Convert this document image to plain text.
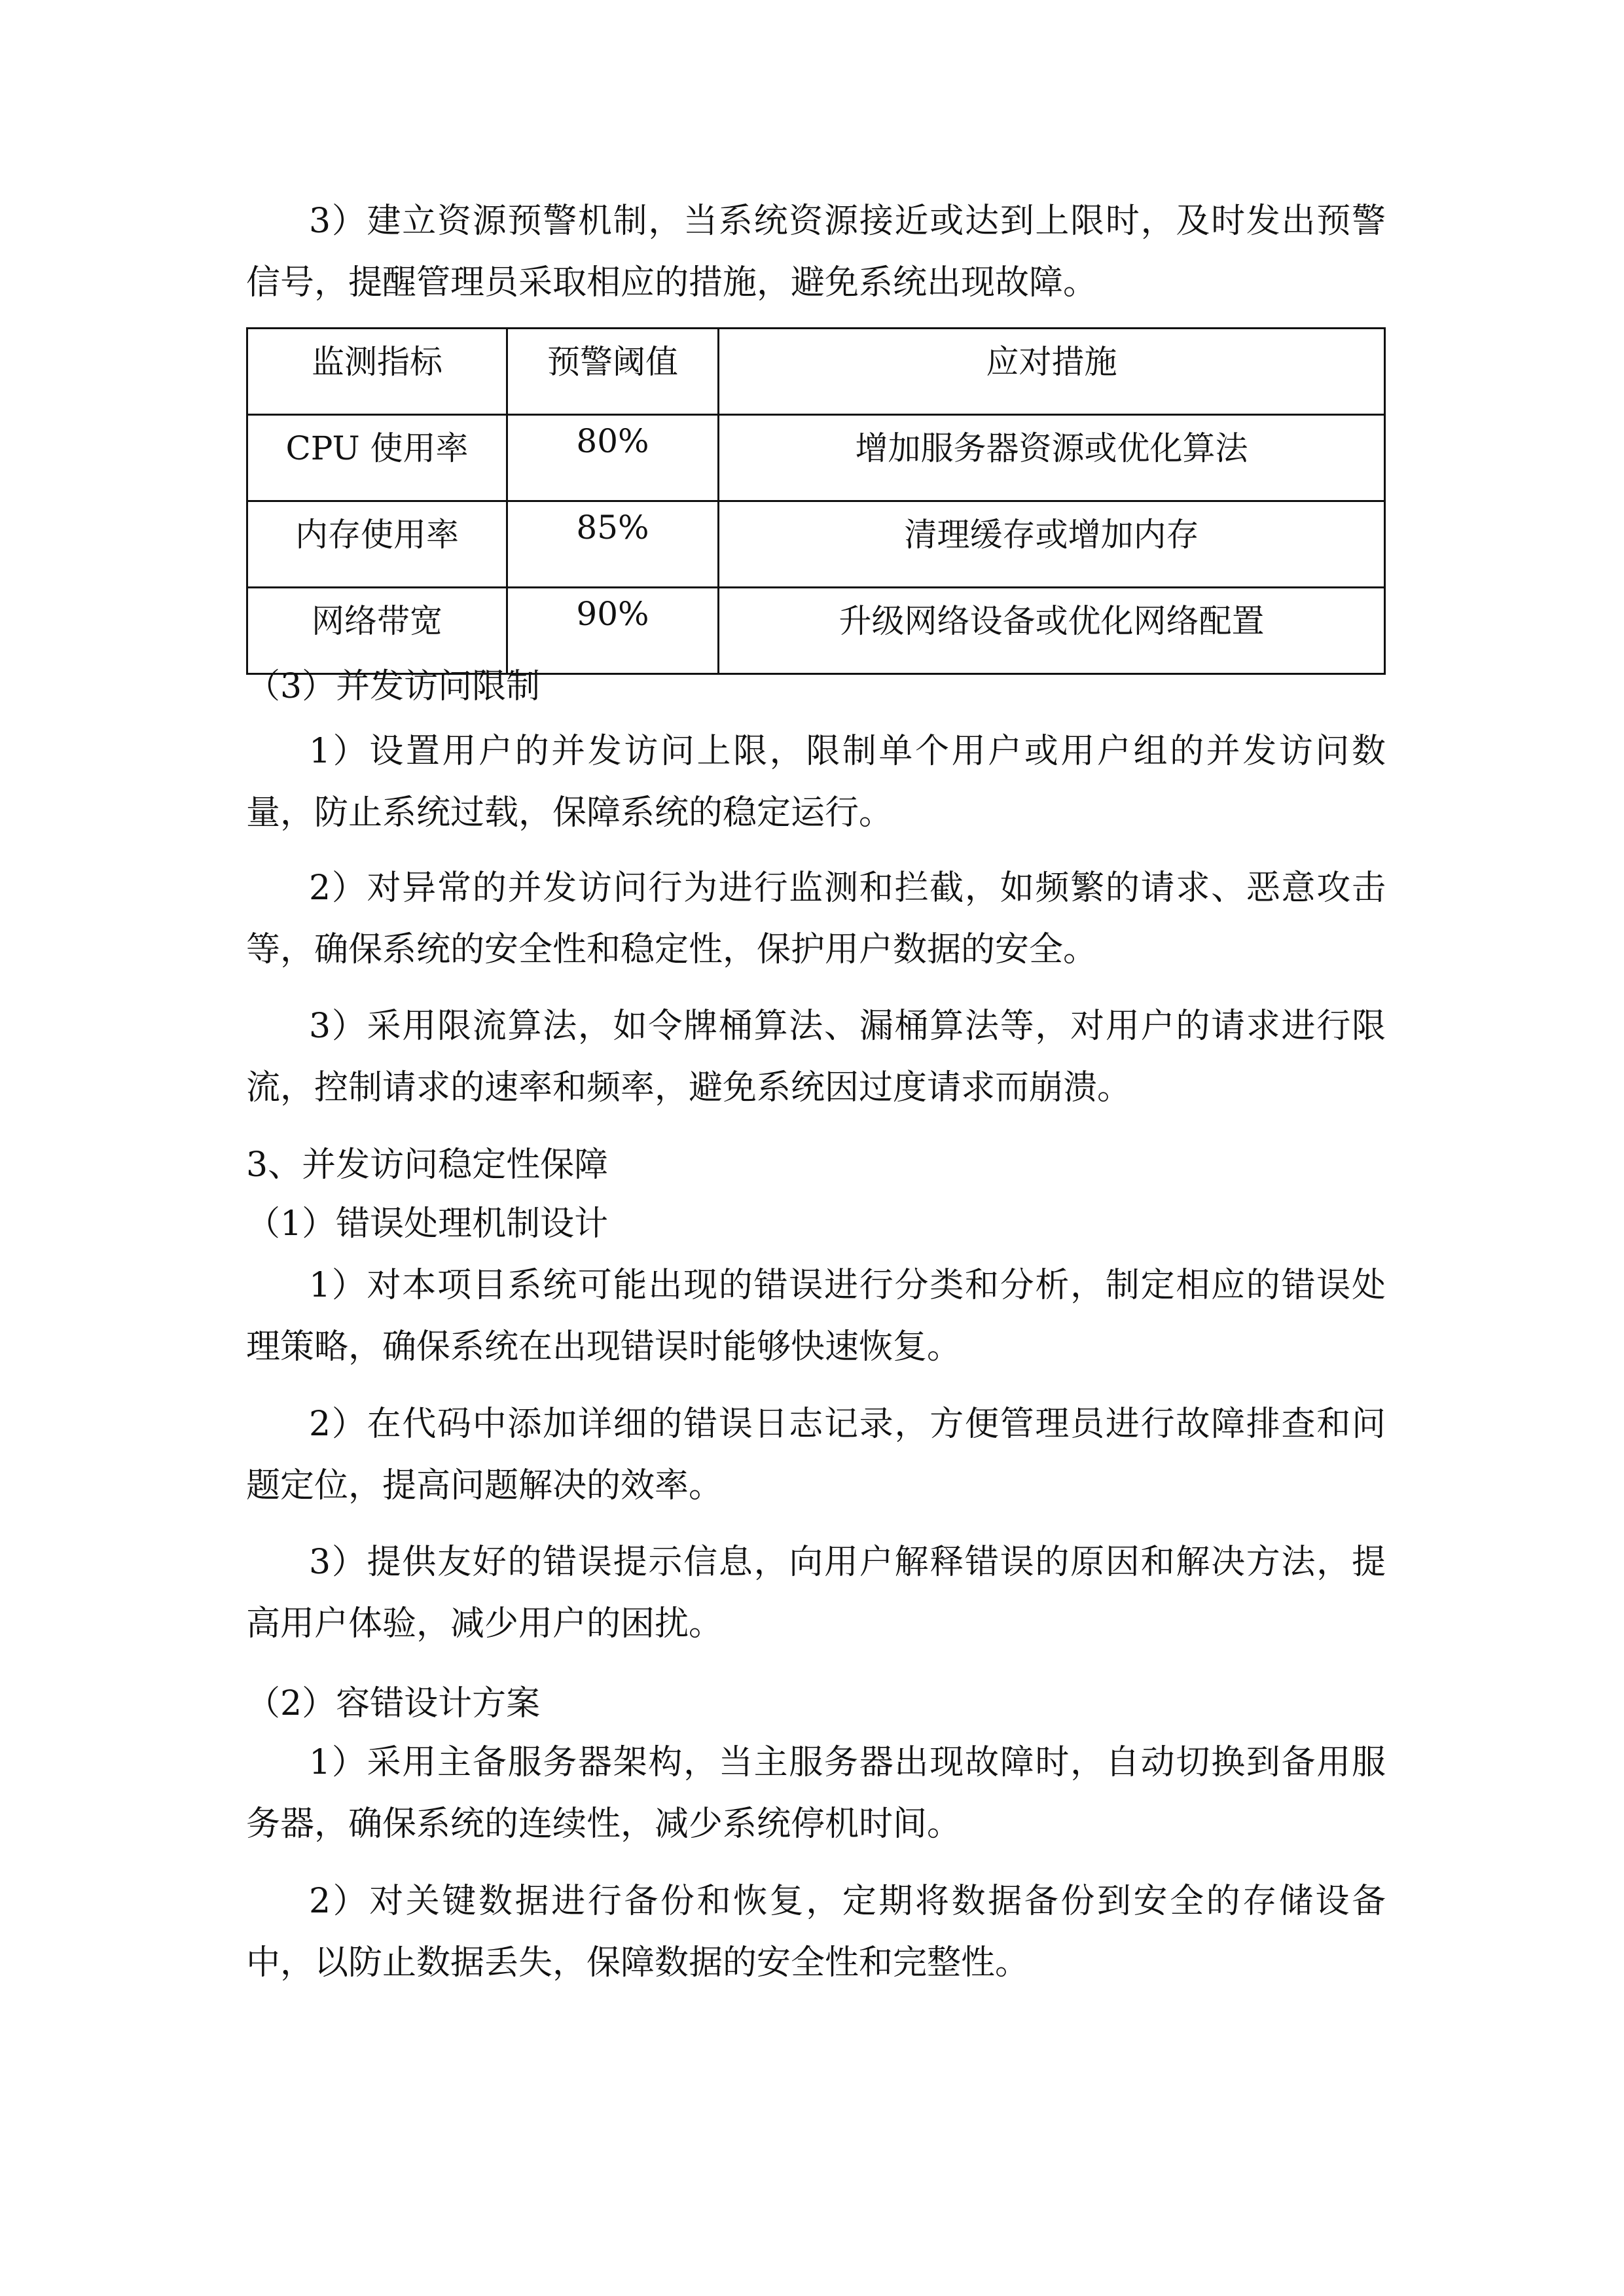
3）建立资源预警机制，当系统资源接近或达到上限时，及时发出预警信号，提醒管理员采取相应的措施，避免系统出现故障。

监测指标	预警阈值	应对措施
CPU 使用率	80%	增加服务器资源或优化算法
内存使用率	85%	清理缓存或增加内存
网络带宽	90%	升级网络设备或优化网络配置

（3）并发访问限制

1）设置用户的并发访问上限，限制单个用户或用户组的并发访问数量，防止系统过载，保障系统的稳定运行。

2）对异常的并发访问行为进行监测和拦截，如频繁的请求、恶意攻击等，确保系统的安全性和稳定性，保护用户数据的安全。

3）采用限流算法，如令牌桶算法、漏桶算法等，对用户的请求进行限流，控制请求的速率和频率，避免系统因过度请求而崩溃。

3、并发访问稳定性保障

（1）错误处理机制设计

1）对本项目系统可能出现的错误进行分类和分析，制定相应的错误处理策略，确保系统在出现错误时能够快速恢复。

2）在代码中添加详细的错误日志记录，方便管理员进行故障排查和问题定位，提高问题解决的效率。

3）提供友好的错误提示信息，向用户解释错误的原因和解决方法，提高用户体验，减少用户的困扰。

（2）容错设计方案

1）采用主备服务器架构，当主服务器出现故障时，自动切换到备用服务器，确保系统的连续性，减少系统停机时间。

2）对关键数据进行备份和恢复，定期将数据备份到安全的存储设备中，以防止数据丢失，保障数据的安全性和完整性。
